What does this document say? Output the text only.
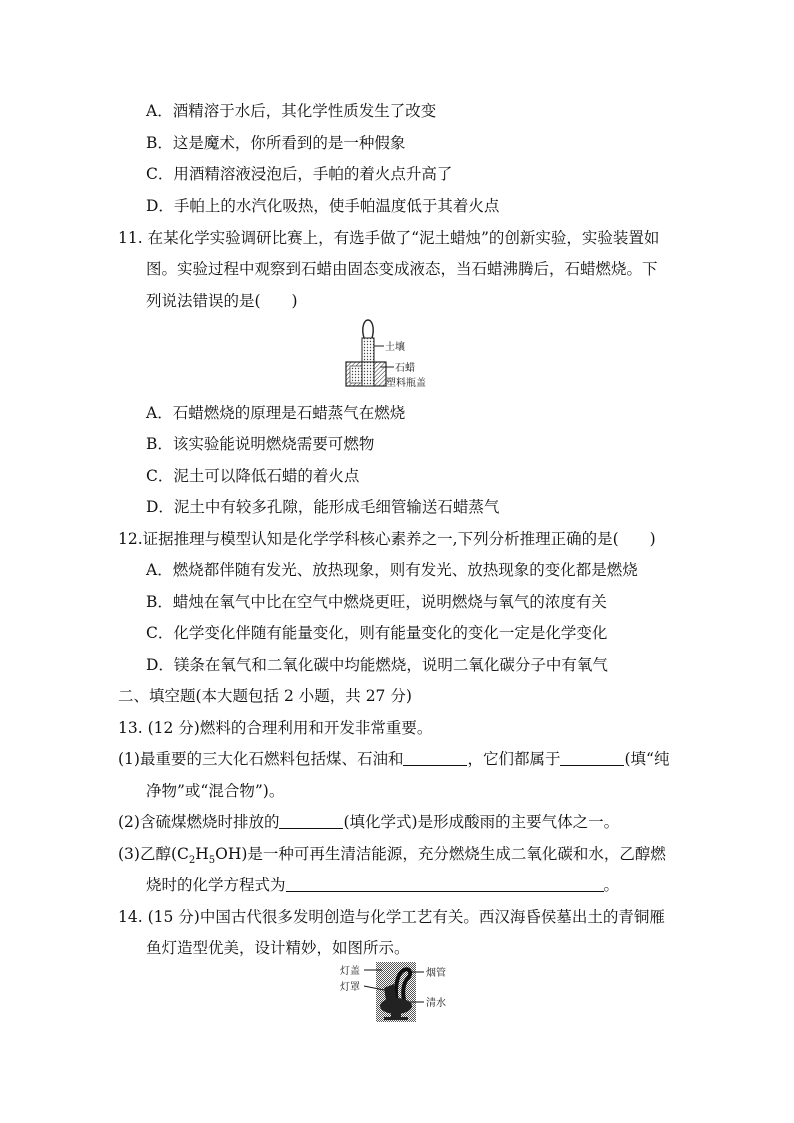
A．酒精溶于水后，其化学性质发生了改变
B．这是魔术，你所看到的是一种假象
C．用酒精溶液浸泡后，手帕的着火点升高了
D．手帕上的水汽化吸热，使手帕温度低于其着火点
11. 在某化学实验调研比赛上，有选手做了“泥土蜡烛”的创新实验，实验装置如
图。实验过程中观察到石蜡由固态变成液态，当石蜡沸腾后，石蜡燃烧。下
列说法错误的是(　　)
土壤
石蜡
塑料瓶盖
A．石蜡燃烧的原理是石蜡蒸气在燃烧
B．该实验能说明燃烧需要可燃物
C．泥土可以降低石蜡的着火点
D．泥土中有较多孔隙，能形成毛细管输送石蜡蒸气
12.证据推理与模型认知是化学学科核心素养之一,下列分析推理正确的是(　　)
A．燃烧都伴随有发光、放热现象，则有发光、放热现象的变化都是燃烧
B．蜡烛在氧气中比在空气中燃烧更旺，说明燃烧与氧气的浓度有关
C．化学变化伴随有能量变化，则有能量变化的变化一定是化学变化
D．镁条在氧气和二氧化碳中均能燃烧，说明二氧化碳分子中有氧气
二、填空题(本大题包括 2 小题，共 27 分)
13. (12 分)燃料的合理利用和开发非常重要。
(1)最重要的三大化石燃料包括煤、石油和	，它们都属于	(填“纯
净物”或“混合物”)。
(2)含硫煤燃烧时排放的	(填化学式)是形成酸雨的主要气体之一。
(3)乙醇$(C_2H_5OH)$是一种可再生清洁能源，充分燃烧生成二氧化碳和水，乙醇燃
烧时的化学方程式为	。
14. (15 分)中国古代很多发明创造与化学工艺有关。西汉海昏侯墓出土的青铜雁
鱼灯造型优美，设计精妙，如图所示。
灯盖
灯罩
烟管
清水
